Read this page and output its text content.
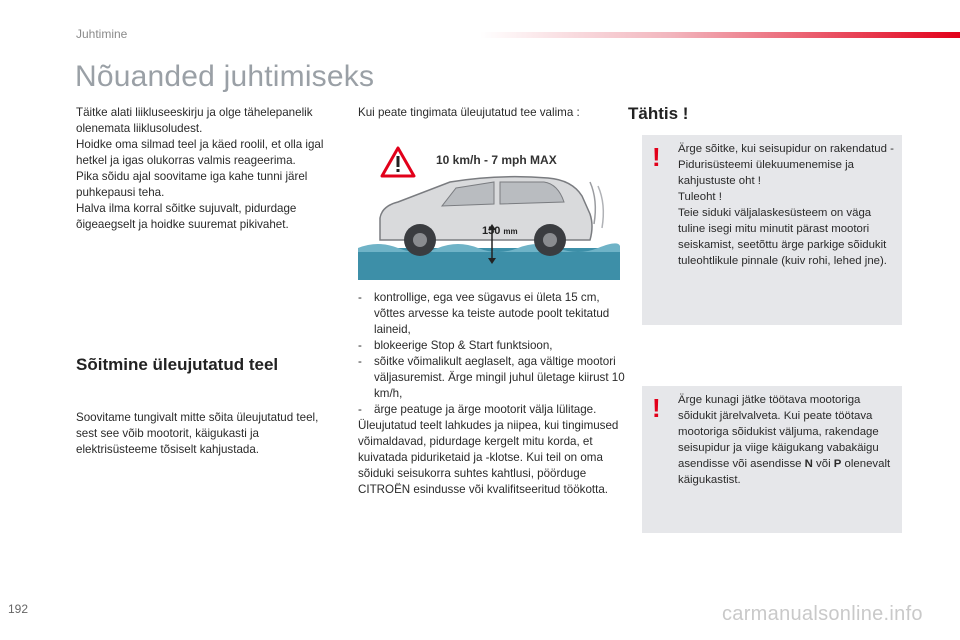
Juhtimine
Nõuanded juhtimiseks

Täitke alati liikluseeskirju ja olge tähelepanelik olenemata liiklusoludest.

Hoidke oma silmad teel ja käed roolil, et olla igal hetkel ja igas olukorras valmis reageerima.

Pika sõidu ajal soovitame iga kahe tunni järel puhkepausi teha.

Halva ilma korral sõitke sujuvalt, pidurdage õigeaegselt ja hoidke suuremat pikivahet.

Sõitmine üleujutatud teel

Soovitame tungivalt mitte sõita üleujutatud teel, sest see võib mootorit, käigukasti ja elektrisüsteeme tõsiselt kahjustada.

Kui peate tingimata üleujutatud tee valima :
10 km/h - 7 mph MAX
150 mm
- kontrollige, ega vee sügavus ei ületa 15 cm, võttes arvesse ka teiste autode poolt tekitatud laineid,
- blokeerige Stop & Start funktsioon,
- sõitke võimalikult aeglaselt, aga vältige mootori väljasuremist. Ärge mingil juhul ületage kiirust 10 km/h,
- ärge peatuge ja ärge mootorit välja lülitage.

Üleujutatud teelt lahkudes ja niipea, kui tingimused võimaldavad, pidurdage kergelt mitu korda, et kuivatada piduriketaid ja -klotse. Kui teil on oma sõiduki seisukorra suhtes kahtlusi, pöörduge CITROËN esindusse või kvalifitseeritud töökotta.

Tähtis !
! Ärge sõitke, kui seisupidur on rakendatud - Pidurisüsteemi ülekuumenemise ja kahjustuste oht !

Tuleoht !

Teie siduki väljalaskesüsteem on väga tuline isegi mitu minutit pärast mootori seiskamist, seetõttu ärge parkige sõidukit tuleohtlikule pinnale (kuiv rohi, lehed jne).

! Ärge kunagi jätke töötava mootoriga sõidukit järelvalveta. Kui peate töötava mootoriga sõidukist väljuma, rakendage seisupidur ja viige käigukang vabakäigu asendisse või asendisse N või P olenevalt käigukastist.

192	carmanualsonline.info
